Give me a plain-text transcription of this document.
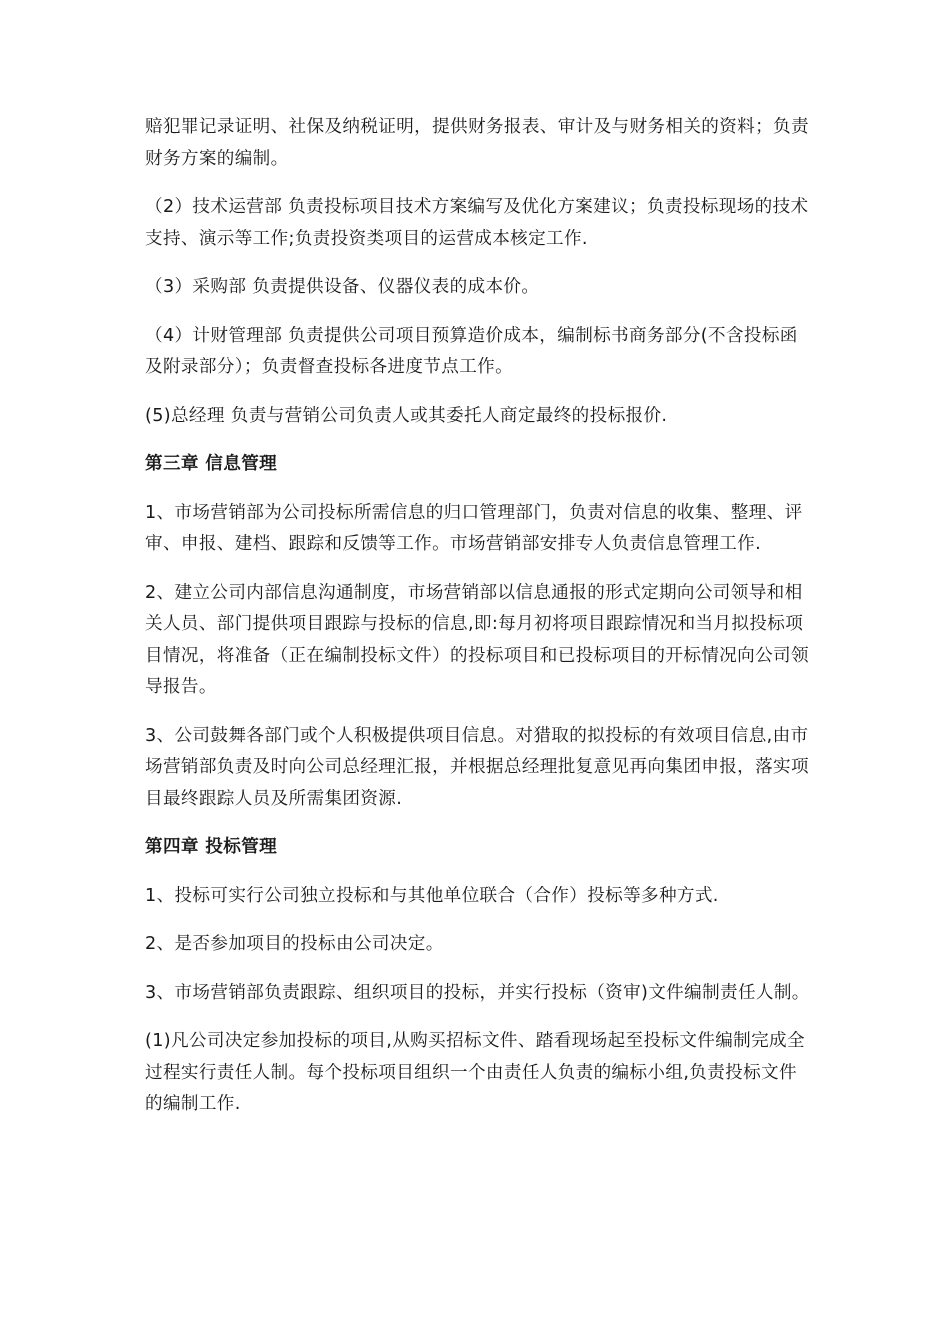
赔犯罪记录证明、社保及纳税证明，提供财务报表、审计及与财务相关的资料；负责财务方案的编制。

（2）技术运营部 负责投标项目技术方案编写及优化方案建议；负责投标现场的技术支持、演示等工作;负责投资类项目的运营成本核定工作.

（3）采购部 负责提供设备、仪器仪表的成本价。

（4）计财管理部 负责提供公司项目预算造价成本，编制标书商务部分(不含投标函及附录部分）；负责督查投标各进度节点工作。

(5)总经理 负责与营销公司负责人或其委托人商定最终的投标报价.

第三章 信息管理

1、市场营销部为公司投标所需信息的归口管理部门，负责对信息的收集、整理、评审、申报、建档、跟踪和反馈等工作。市场营销部安排专人负责信息管理工作.

2、建立公司内部信息沟通制度，市场营销部以信息通报的形式定期向公司领导和相关人员、部门提供项目跟踪与投标的信息,即:每月初将项目跟踪情况和当月拟投标项目情况，将准备（正在编制投标文件）的投标项目和已投标项目的开标情况向公司领导报告。

3、公司鼓舞各部门或个人积极提供项目信息。对猎取的拟投标的有效项目信息,由市场营销部负责及时向公司总经理汇报，并根据总经理批复意见再向集团申报，落实项目最终跟踪人员及所需集团资源.

第四章 投标管理

1、投标可实行公司独立投标和与其他单位联合（合作）投标等多种方式.

2、是否参加项目的投标由公司决定。

3、市场营销部负责跟踪、组织项目的投标，并实行投标（资审)文件编制责任人制。

(1)凡公司决定参加投标的项目,从购买招标文件、踏看现场起至投标文件编制完成全过程实行责任人制。每个投标项目组织一个由责任人负责的编标小组,负责投标文件的编制工作.
